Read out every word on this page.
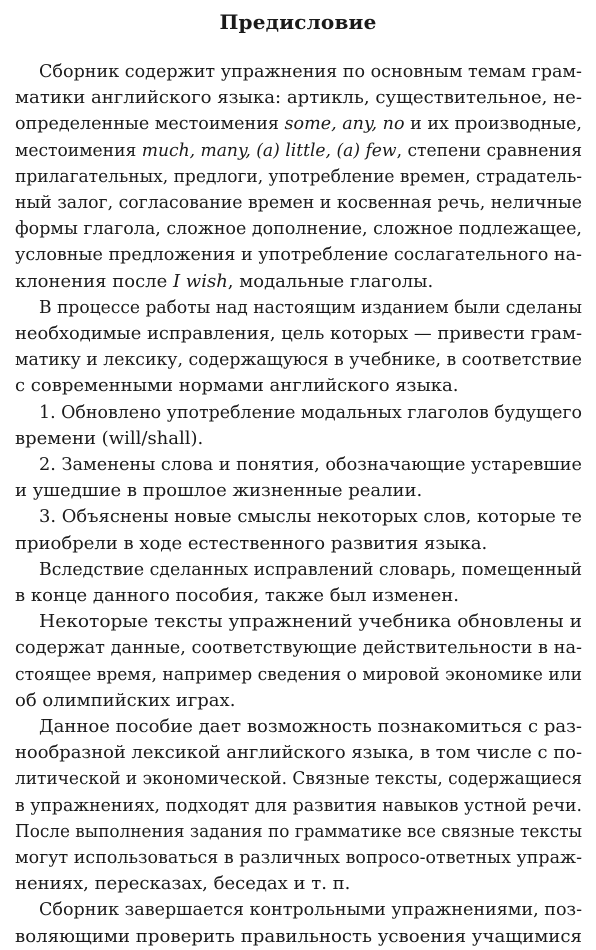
Предисловие
Сборник содержит упражнения по основным темам грам-
матики английского языка: артикль, существительное, не-
определенные местоимения some, any, no и их производные,
местоимения much, many, (a) little, (a) few, степени сравнения
прилагательных, предлоги, употребление времен, страдатель-
ный залог, согласование времен и косвенная речь, неличные
формы глагола, сложное дополнение, сложное подлежащее,
условные предложения и употребление сослагательного на-
клонения после I wish, модальные глаголы.
В процессе работы над настоящим изданием были сделаны
необходимые исправления, цель которых — привести грам-
матику и лексику, содержащуюся в учебнике, в соответствие
с современными нормами английского языка.
1. Обновлено употребление модальных глаголов будущего
времени (will/shall).
2. Заменены слова и понятия, обозначающие устаревшие
и ушедшие в прошлое жизненные реалии.
3. Объяснены новые смыслы некоторых слов, которые те
приобрели в ходе естественного развития языка.
Вследствие сделанных исправлений словарь, помещенный
в конце данного пособия, также был изменен.
Некоторые тексты упражнений учебника обновлены и
содержат данные, соответствующие действительности в на-
стоящее время, например сведения о мировой экономике или
об олимпийских играх.
Данное пособие дает возможность познакомиться с раз-
нообразной лексикой английского языка, в том числе с по-
литической и экономической. Связные тексты, содержащиеся
в упражнениях, подходят для развития навыков устной речи.
После выполнения задания по грамматике все связные тексты
могут использоваться в различных вопросо-ответных упраж-
нениях, пересказах, беседах и т. п.
Сборник завершается контрольными упражнениями, поз-
воляющими проверить правильность усвоения учащимися
